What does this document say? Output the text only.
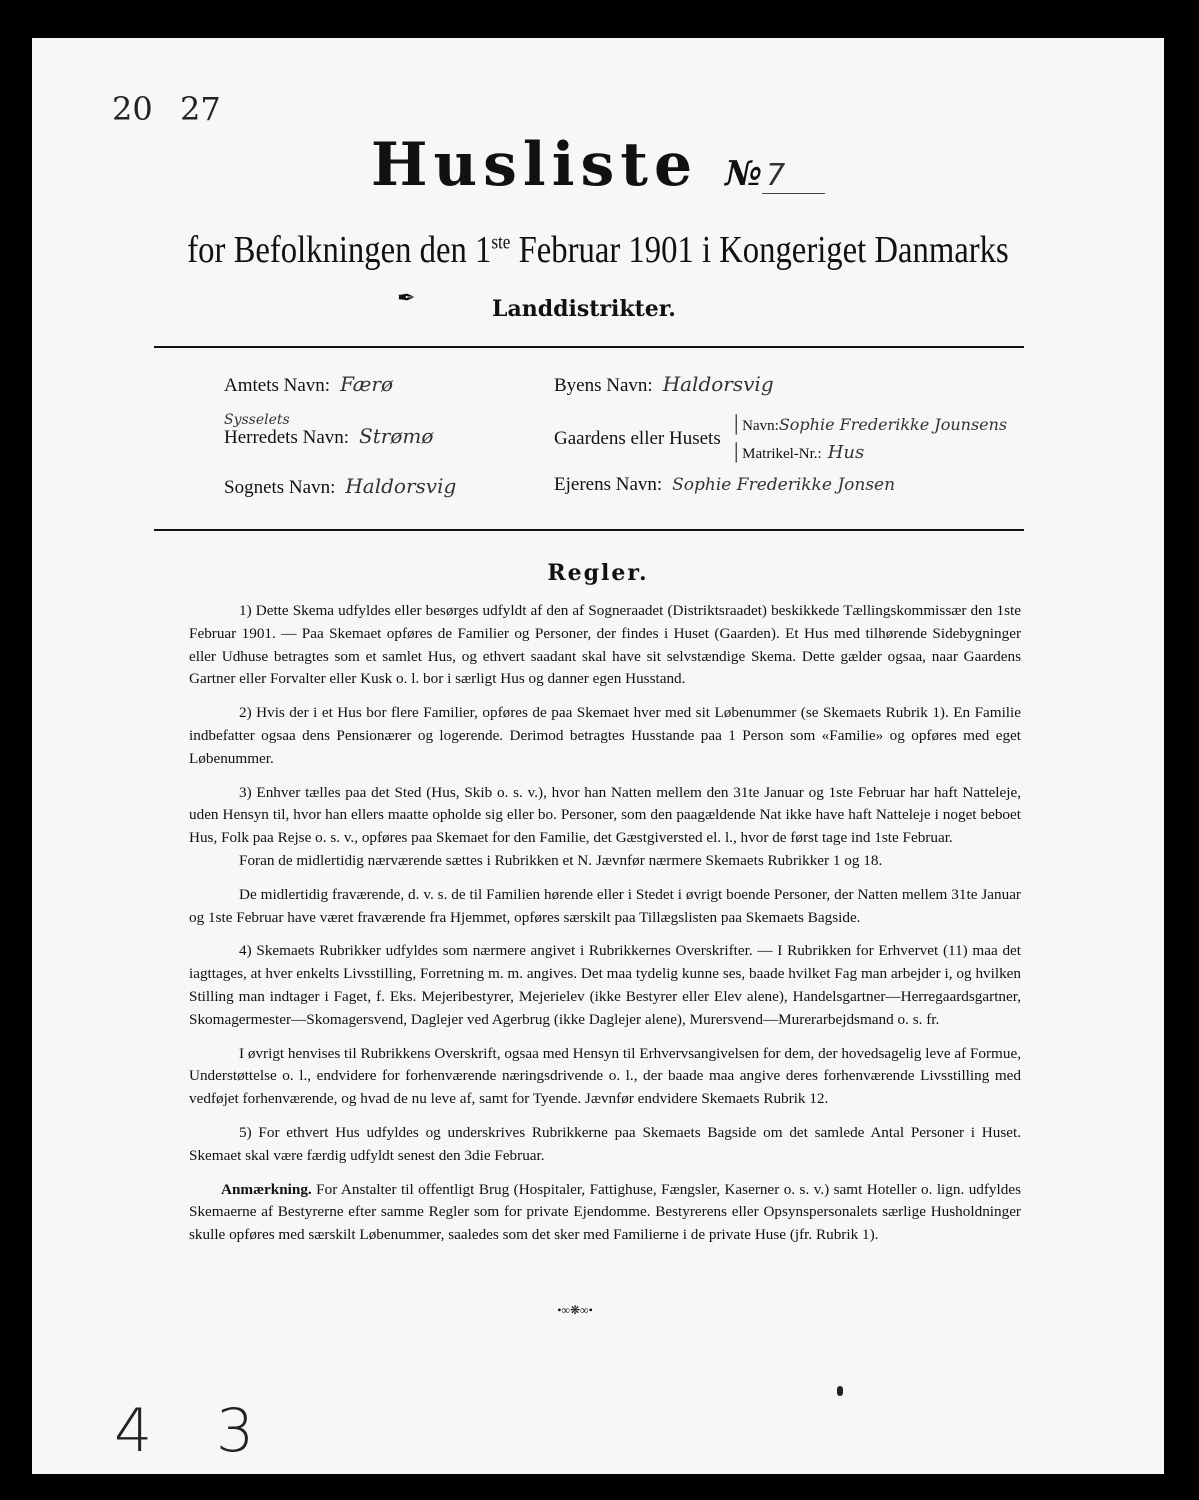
20 27
Husliste № 7
for Befolkningen den 1ste Februar 1901 i Kongeriget Danmarks
✒	Landdistrikter.
Amtets Navn: Færø
Sysselets
Herredets Navn: Strømø
Sognets Navn: Haldorsvig
Byens Navn: Haldorsvig
Gaardens eller Husets
| Navn:Sophie Frederikke Jounsens
| Matrikel-Nr.: Hus
Ejerens Navn: Sophie Frederikke Jonsen
Regler.

1) Dette Skema udfyldes eller besørges udfyldt af den af Sogneraadet (Distriktsraadet) beskikkede Tællingskommissær den 1ste Februar 1901. — Paa Skemaet opføres de Familier og Personer, der findes i Huset (Gaarden). Et Hus med tilhørende Sidebygninger eller Udhuse betragtes som et samlet Hus, og ethvert saadant skal have sit selvstændige Skema. Dette gælder ogsaa, naar Gaardens Gartner eller Forvalter eller Kusk o. l. bor i særligt Hus og danner egen Husstand.

2) Hvis der i et Hus bor flere Familier, opføres de paa Skemaet hver med sit Løbenummer (se Skemaets Rubrik 1). En Familie indbefatter ogsaa dens Pensionærer og logerende. Derimod betragtes Husstande paa 1 Person som «Familie» og opføres med eget Løbenummer.

3) Enhver tælles paa det Sted (Hus, Skib o. s. v.), hvor han Natten mellem den 31te Januar og 1ste Februar har haft Natteleje, uden Hensyn til, hvor han ellers maatte opholde sig eller bo. Personer, som den paagældende Nat ikke have haft Natteleje i noget beboet Hus, Folk paa Rejse o. s. v., opføres paa Skemaet for den Familie, det Gæstgiversted el. l., hvor de først tage ind 1ste Februar.

Foran de midlertidig nærværende sættes i Rubrikken et N. Jævnfør nærmere Skemaets Rubrikker 1 og 18.

De midlertidig fraværende, d. v. s. de til Familien hørende eller i Stedet i øvrigt boende Personer, der Natten mellem 31te Januar og 1ste Februar have været fraværende fra Hjemmet, opføres særskilt paa Tillægslisten paa Skemaets Bagside.

4) Skemaets Rubrikker udfyldes som nærmere angivet i Rubrikkernes Overskrifter. — I Rubrikken for Erhvervet (11) maa det iagttages, at hver enkelts Livsstilling, Forretning m. m. angives. Det maa tydelig kunne ses, baade hvilket Fag man arbejder i, og hvilken Stilling man indtager i Faget, f. Eks. Mejeribestyrer, Mejerielev (ikke Bestyrer eller Elev alene), Handelsgartner—Herregaardsgartner, Skomagermester—Skomagersvend, Daglejer ved Agerbrug (ikke Daglejer alene), Murersvend—Murerarbejdsmand o. s. fr.

I øvrigt henvises til Rubrikkens Overskrift, ogsaa med Hensyn til Erhvervsangivelsen for dem, der hovedsagelig leve af Formue, Understøttelse o. l., endvidere for forhenværende næringsdrivende o. l., der baade maa angive deres forhenværende Livsstilling med vedføjet forhenværende, og hvad de nu leve af, samt for Tyende. Jævnfør endvidere Skemaets Rubrik 12.

5) For ethvert Hus udfyldes og underskrives Rubrikkerne paa Skemaets Bagside om det samlede Antal Personer i Huset. Skemaet skal være færdig udfyldt senest den 3die Februar.

Anmærkning. For Anstalter til offentligt Brug (Hospitaler, Fattighuse, Fængsler, Kaserner o. s. v.) samt Hoteller o. lign. udfyldes Skemaerne af Bestyrerne efter samme Regler som for private Ejendomme. Bestyrerens eller Opsynspersonalets særlige Husholdninger skulle opføres med særskilt Løbenummer, saaledes som det sker med Familierne i de private Huse (jfr. Rubrik 1).

•∞❋∞•
4 3
